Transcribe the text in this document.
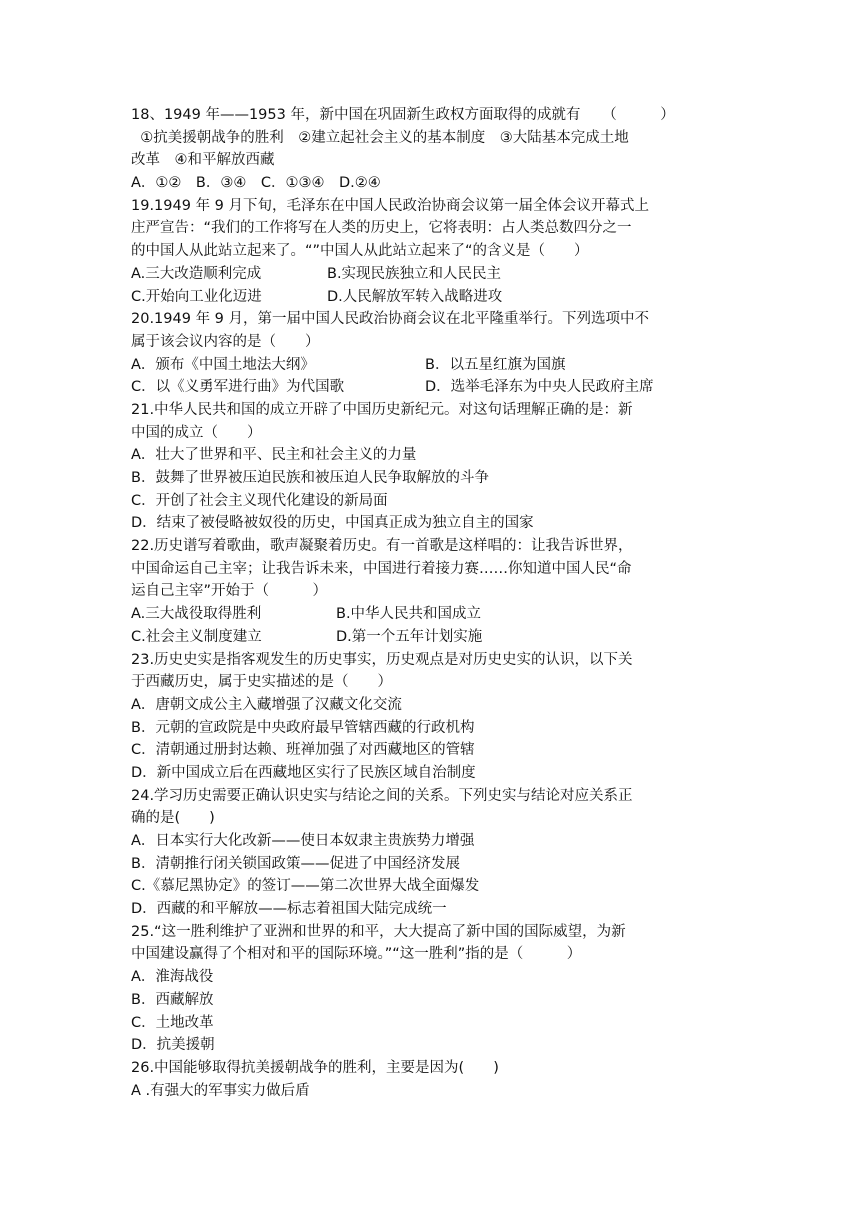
18、1949 年——1953 年，新中国在巩固新生政权方面取得的成就有　　（　　　）
①抗美援朝战争的胜利　②建立起社会主义的基本制度　③大陆基本完成土地
改革　④和平解放西藏
A．①②　B．③④　C．①③④　D.②④
19.1949 年 9 月下旬，毛泽东在中国人民政治协商会议第一届全体会议开幕式上
庄严宣告：“我们的工作将写在人类的历史上，它将表明：占人类总数四分之一
的中国人从此站立起来了。“”中国人从此站立起来了“的含义是（　　）
A.三大改造顺利完成	B.实现民族独立和人民民主
C.开始向工业化迈进	D.人民解放军转入战略进攻
20.1949 年 9 月，第一届中国人民政治协商会议在北平隆重举行。下列选项中不
属于该会议内容的是（　　）
A．颁布《中国土地法大纲》	B．以五星红旗为国旗
C．以《义勇军进行曲》为代国歌	D．选举毛泽东为中央人民政府主席
21.中华人民共和国的成立开辟了中国历史新纪元。对这句话理解正确的是：新
中国的成立（　　）
A．壮大了世界和平、民主和社会主义的力量
B．鼓舞了世界被压迫民族和被压迫人民争取解放的斗争
C．开创了社会主义现代化建设的新局面
D．结束了被侵略被奴役的历史，中国真正成为独立自主的国家
22.历史谱写着歌曲，歌声凝聚着历史。有一首歌是这样唱的：让我告诉世界，
中国命运自己主宰；让我告诉未来，中国进行着接力赛……你知道中国人民“命
运自己主宰”开始于（　　　）
A.三大战役取得胜利	B.中华人民共和国成立
C.社会主义制度建立	D.第一个五年计划实施
23.历史史实是指客观发生的历史事实，历史观点是对历史史实的认识，以下关
于西藏历史，属于史实描述的是（　　）
A．唐朝文成公主入藏增强了汉藏文化交流
B．元朝的宣政院是中央政府最早管辖西藏的行政机构
C．清朝通过册封达赖、班禅加强了对西藏地区的管辖
D．新中国成立后在西藏地区实行了民族区域自治制度
24.学习历史需要正确认识史实与结论之间的关系。下列史实与结论对应关系正
确的是(　　)
A．日本实行大化改新——使日本奴隶主贵族势力增强
B．清朝推行闭关锁国政策——促进了中国经济发展
C.《慕尼黑协定》的签订——第二次世界大战全面爆发
D．西藏的和平解放——标志着祖国大陆完成统一
25.“这一胜利维护了亚洲和世界的和平，大大提高了新中国的国际威望，为新
中国建设赢得了个相对和平的国际环境。”“这一胜利”指的是（　　　）
A．淮海战役
B．西藏解放
C．土地改革
D．抗美援朝
26.中国能够取得抗美援朝战争的胜利，主要是因为(　　)
A .有强大的军事实力做后盾
